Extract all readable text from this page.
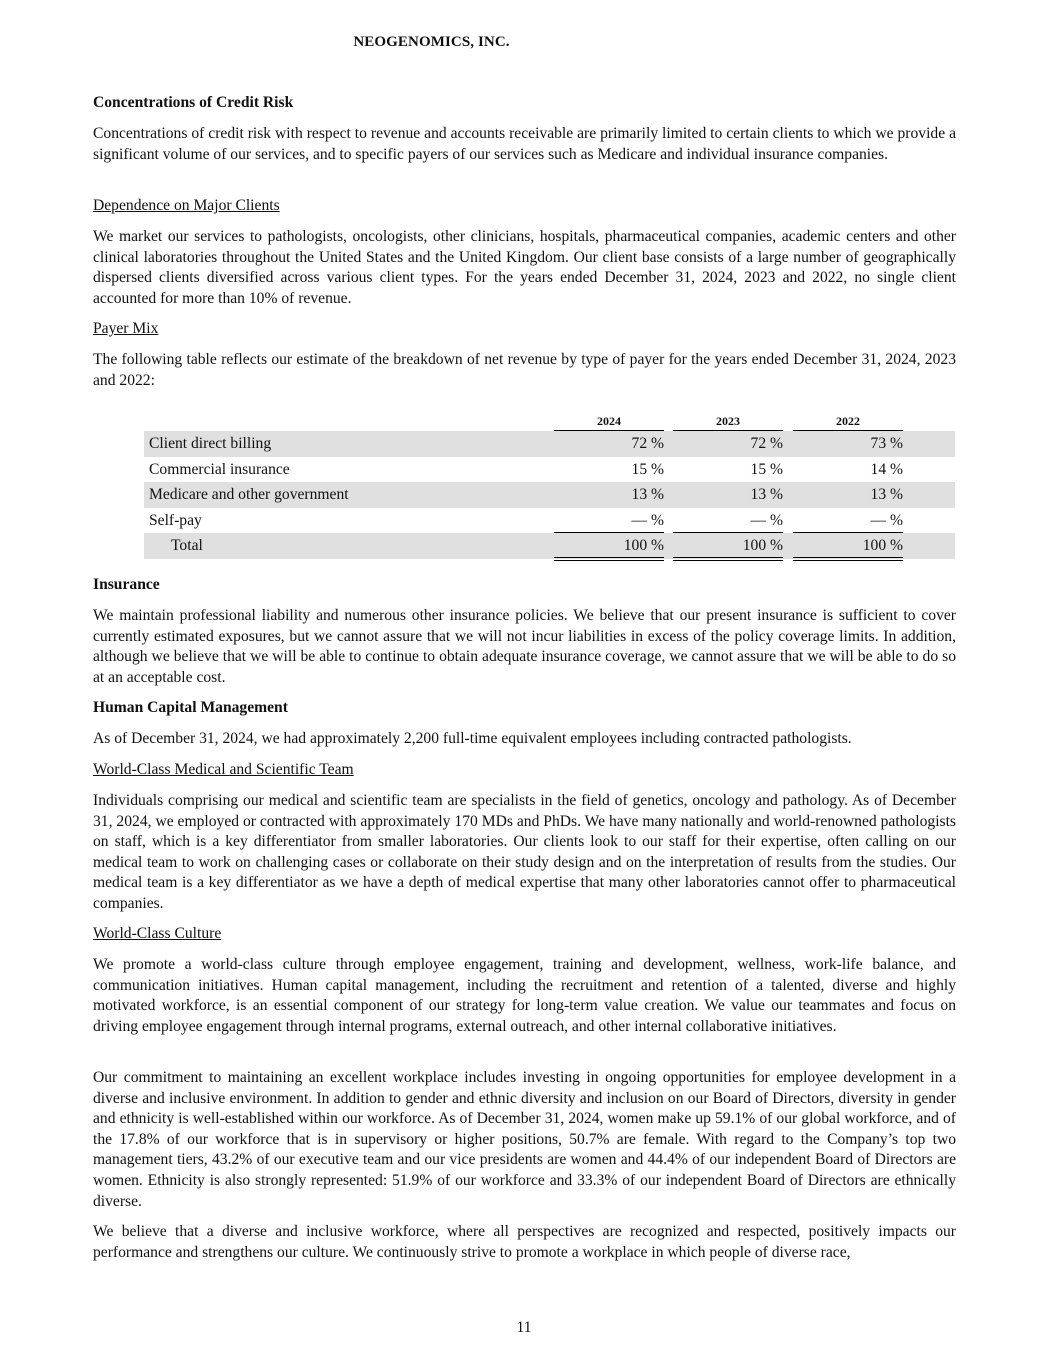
NEOGENOMICS, INC.

Concentrations of Credit Risk

Concentrations of credit risk with respect to revenue and accounts receivable are primarily limited to certain clients to which we provide a significant volume of our services, and to specific payers of our services such as Medicare and individual insurance companies.

Dependence on Major Clients

We market our services to pathologists, oncologists, other clinicians, hospitals, pharmaceutical companies, academic centers and other clinical laboratories throughout the United States and the United Kingdom. Our client base consists of a large number of geographically dispersed clients diversified across various client types. For the years ended December 31, 2024, 2023 and 2022, no single client accounted for more than 10% of revenue.

Payer Mix

The following table reflects our estimate of the breakdown of net revenue by type of payer for the years ended December 31, 2024, 2023 and 2022:

2024	2023	2022
Client direct billing	72 %	72 %	73 %
Commercial insurance	15 %	15 %	14 %
Medicare and other government	13 %	13 %	13 %
Self-pay	— %	— %	— %
Total	100 %	100 %	100 %

Insurance

We maintain professional liability and numerous other insurance policies. We believe that our present insurance is sufficient to cover currently estimated exposures, but we cannot assure that we will not incur liabilities in excess of the policy coverage limits. In addition, although we believe that we will be able to continue to obtain adequate insurance coverage, we cannot assure that we will be able to do so at an acceptable cost.

Human Capital Management

As of December 31, 2024, we had approximately 2,200 full-time equivalent employees including contracted pathologists.

World-Class Medical and Scientific Team

Individuals comprising our medical and scientific team are specialists in the field of genetics, oncology and pathology. As of December 31, 2024, we employed or contracted with approximately 170 MDs and PhDs. We have many nationally and world-renowned pathologists on staff, which is a key differentiator from smaller laboratories. Our clients look to our staff for their expertise, often calling on our medical team to work on challenging cases or collaborate on their study design and on the interpretation of results from the studies. Our medical team is a key differentiator as we have a depth of medical expertise that many other laboratories cannot offer to pharmaceutical companies.

World-Class Culture

We promote a world-class culture through employee engagement, training and development, wellness, work-life balance, and communication initiatives. Human capital management, including the recruitment and retention of a talented, diverse and highly motivated workforce, is an essential component of our strategy for long-term value creation. We value our teammates and focus on driving employee engagement through internal programs, external outreach, and other internal collaborative initiatives.

Our commitment to maintaining an excellent workplace includes investing in ongoing opportunities for employee development in a diverse and inclusive environment. In addition to gender and ethnic diversity and inclusion on our Board of Directors, diversity in gender and ethnicity is well-established within our workforce. As of December 31, 2024, women make up 59.1% of our global workforce, and of the 17.8% of our workforce that is in supervisory or higher positions, 50.7% are female. With regard to the Company’s top two management tiers, 43.2% of our executive team and our vice presidents are women and 44.4% of our independent Board of Directors are women. Ethnicity is also strongly represented: 51.9% of our workforce and 33.3% of our independent Board of Directors are ethnically diverse.

We believe that a diverse and inclusive workforce, where all perspectives are recognized and respected, positively impacts our performance and strengthens our culture. We continuously strive to promote a workplace in which people of diverse race,

11
